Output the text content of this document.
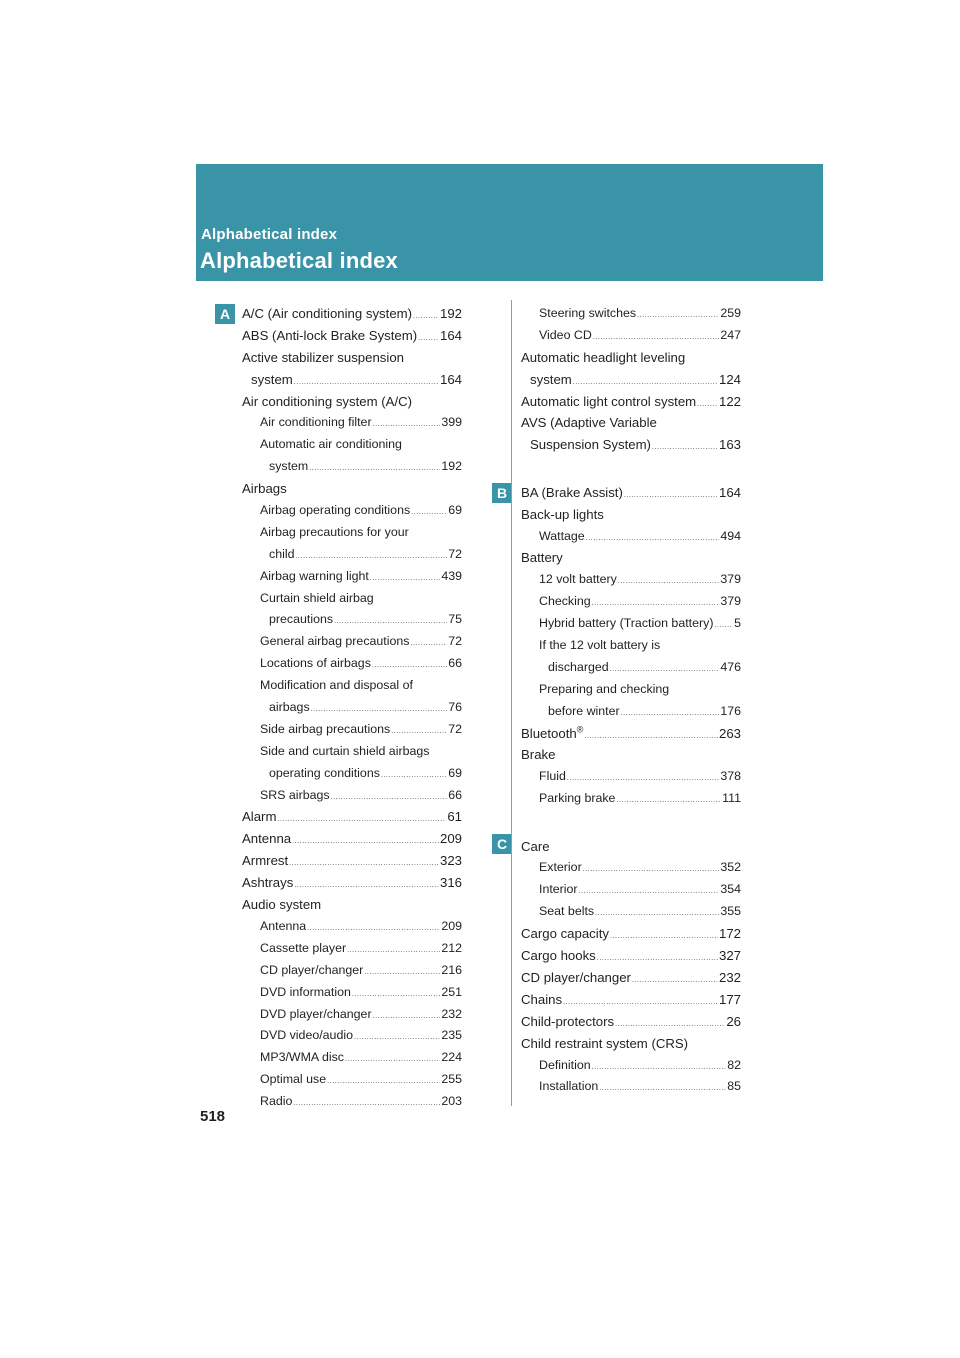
Alphabetical index
Alphabetical index
A
B
C
A/C (Air conditioning system) ..... 192
ABS (Anti-lock Brake System) ..... 164
Active stabilizer suspension
system .....	164
Air conditioning system (A/C)
Air conditioning filter .....	399
Automatic air conditioning
system .....	192
Airbags
Airbag operating conditions .....	69
Airbag precautions for your
child .....	72
Airbag warning light .....	439
Curtain shield airbag
precautions .....	75
General airbag precautions .....	72
Locations of airbags .....	66
Modification and disposal of
airbags .....	76
Side airbag precautions .....	72
Side and curtain shield airbags
operating conditions .....	69
SRS airbags .....	66
Alarm .....	61
Antenna .....	209
Armrest .....	323
Ashtrays .....	316
Audio system
Antenna .....	209
Cassette player .....	212
CD player/changer .....	216
DVD information .....	251
DVD player/changer .....	232
DVD video/audio .....	235
MP3/WMA disc .....	224
Optimal use .....	255
Radio .....	203
Steering switches .....	259
Video CD .....	247
Automatic headlight leveling
system .....	124
Automatic light control system ..... 122
AVS (Adaptive Variable
Suspension System) .....	163
BA (Brake Assist) .....	164
Back-up lights
Wattage .....	494
Battery
12 volt battery .....	379
Checking .....	379
Hybrid battery (Traction battery) ..... 5
If the 12 volt battery is
discharged .....	476
Preparing and checking
before winter .....	176
Bluetooth® .....	263
Brake
Fluid .....	378
Parking brake .....	111
Care
Exterior .....	352
Interior .....	354
Seat belts .....	355
Cargo capacity .....	172
Cargo hooks .....	327
CD player/changer .....	232
Chains .....	177
Child-protectors .....	26
Child restraint system (CRS)
Definition .....	82
Installation .....	85
518
